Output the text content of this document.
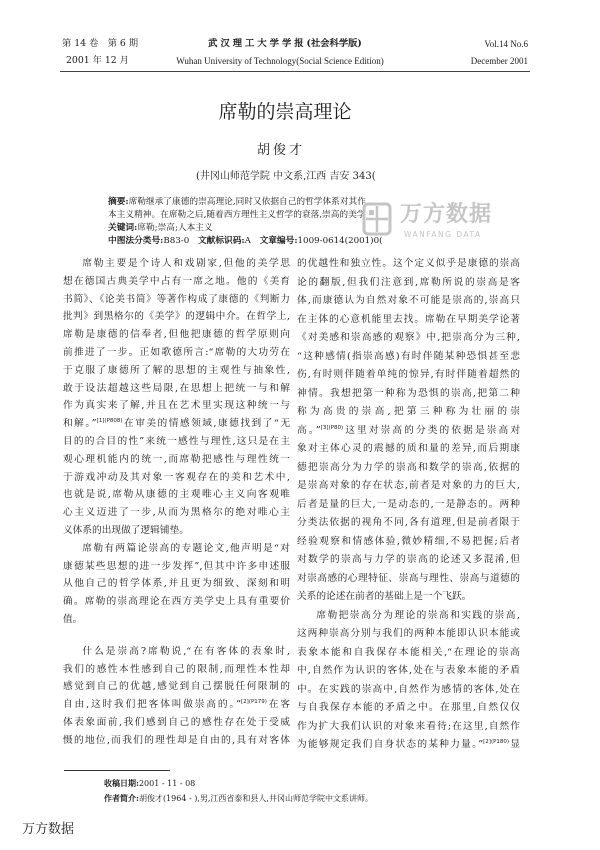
第 14 卷　第 6 期
2001 年 12 月
武汉理工大学学报(社会科学版)
Wuhan University of Technology(Social Science Edition)
Vol.14 No.6
December 2001
席勒的崇高理论
胡俊才
(井冈山师范学院 中文系,江西 吉安 343(
摘要:席勒继承了康德的崇高理论,同时又依据自己的哲学体系对其作
本主义精神。在席勒之后,随着西方理性主义哲学的衰落,崇高的美学
关键词:席勒;崇高;人本主义
中图法分类号:B83-0　 文献标识码:A　 文章编号:1009-0614(2001)0(
万方数据
WANFANG DATA
席勒主要是个诗人和戏剧家,但他的美学思
想在德国古典美学中占有一席之地。他的《美育
书简》、《论美书简》等著作构成了康德的《判断力
批判》到黑格尔的《美学》的逻辑中介。在哲学上,
席勒是康德的信奉者,但他把康德的哲学原则向
前推进了一步。正如歌德所言:“席勒的大功劳在
于克服了康德所了解的思想的主观性与抽象性,
敢于设法超越这些局限,在思想上把统一与和解
作为真实来了解,并且在艺术里实现这种统一与
和解。”$^{[1](P808)}$在审美的情感领域,康德找到了“无
目的的合目的性”来统一感性与理性,这只是在主
观心理机能内的统一,而席勒把感性与理性统一
于游戏冲动及其对象一客观存在的美和艺术中,
也就是说,席勒从康德的主观唯心主义向客观唯
心主义迈进了一步,从而为黑格尔的绝对唯心主
义体系的出现做了逻辑铺垫。
席勒有两篇论崇高的专题论文,他声明是“对
康德某些思想的进一步发挥”,但其中许多申述服
从他自己的哲学体系,并且更为细致、深刻和明
确。席勒的崇高理论在西方美学史上具有重要价
值。
什么是崇高?席勒说,“在有客体的表象时,
我们的感性本性感到自己的限制,而理性本性却
感觉到自己的优越,感觉到自己摆脱任何限制的
自由,这时我们把客体叫做崇高的。”$^{[2](P179)}$在客
体表象面前,我们感到自己的感性存在处于受威
慑的地位,而我们的理性却是自由的,具有对客体
的优越性和独立性。这个定义似乎是康德的崇高
论的翻版,但我们注意到,席勒所说的崇高是客
体,而康德认为自然对象不可能是崇高的,崇高只
在主体的心意机能里去找。席勒在早期美学论著
《对美感和崇高感的观察》中,把崇高分为三种,
“这种感情(指崇高感)有时伴随某种恐惧甚至悲
伤,有时则伴随着单纯的惊异,有时伴随着超然的
神情。我想把第一种称为恐惧的崇高,把第二种
称为高贵的崇高,把第三种称为壮丽的崇
高。”$^{[3](P80)}$这里对崇高的分类的依据是崇高对
象对主体心灵的震撼的质和量的差异,而后期康
德把崇高分为力学的崇高和数学的崇高,依据的
是崇高对象的存在状态,前者是对象的力的巨大,
后者是量的巨大,一是动态的,一是静态的。两种
分类法依据的视角不同,各有道理,但是前者限于
经验观察和情感体验,微妙精细,不易把握;后者
对数学的崇高与力学的崇高的论述又多混淆,但
对崇高感的心理特征、崇高与理性、崇高与道德的
关系的论述在前者的基础上是一个飞跃。
席勒把崇高分为理论的崇高和实践的崇高,
这两种崇高分别与我们的两种本能即认识本能或
表象本能和自我保存本能相关,“在理论的崇高
中,自然作为认识的客体,处在与表象本能的矛盾
中。在实践的崇高中,自然作为感情的客体,处在
与自我保存本能的矛盾之中。在那里,自然仅仅
作为扩大我们认识的对象来看待;在这里,自然作
为能够规定我们自身状态的某种力量。”$^{[2](P180)}$显
收稿日期:2001 - 11 - 08
作者简介:胡俊才(1964 - ),男,江西省泰和县人,井冈山师范学院中文系讲师。
万方数据
